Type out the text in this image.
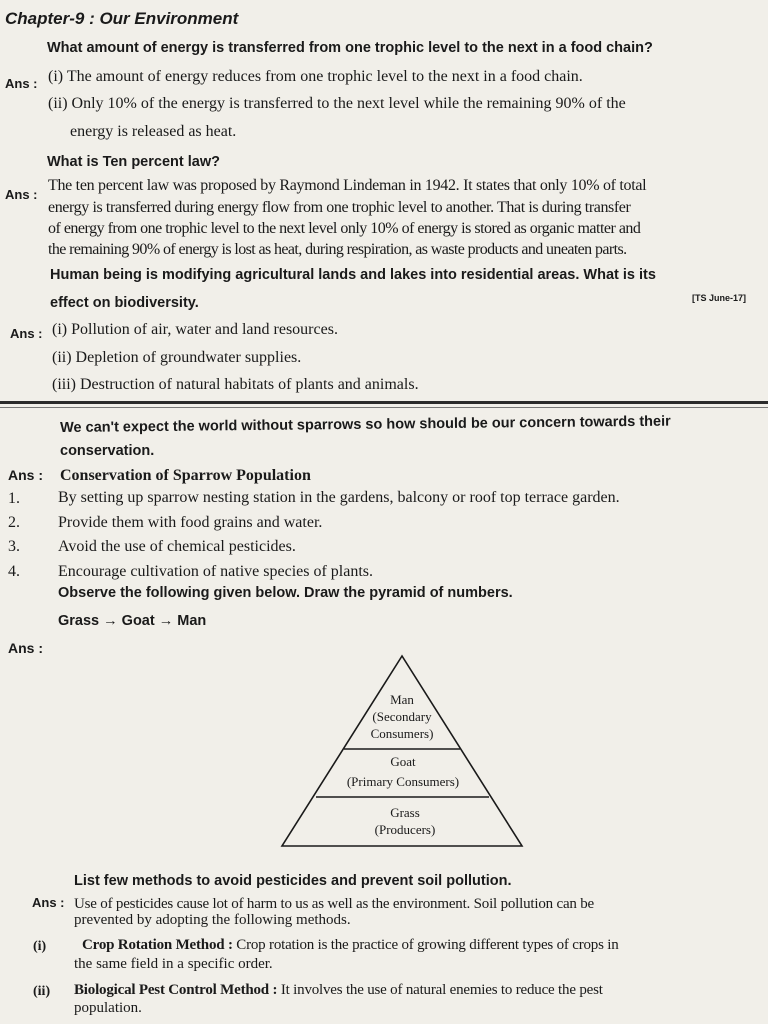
Chapter-9 : Our Environment
What amount of energy is transferred from one trophic level to the next in a food chain?
Ans : (i) The amount of energy reduces from one trophic level to the next in a food chain.
(ii) Only 10% of the energy is transferred to the next level while the remaining 90% of the
energy is released as heat.
What is Ten percent law?
Ans :
The ten percent law was proposed by Raymond Lindeman in 1942. It states that only 10% of total
energy is transferred during energy flow from one trophic level to another. That is during transfer
of energy from one trophic level to the next level only 10% of energy is stored as organic matter and
the remaining 90% of energy is lost as heat, during respiration, as waste products and uneaten parts.
Human being is modifying agricultural lands and lakes into residential areas. What is its
effect on biodiversity.	[TS June-17]
Ans : (i) Pollution of air, water and land resources.
(ii) Depletion of groundwater supplies.
(iii) Destruction of natural habitats of plants and animals.
We can't expect the world without sparrows so how should be our concern towards their
conservation.
Ans : Conservation of Sparrow Population
1. By setting up sparrow nesting station in the gardens, balcony or roof top terrace garden.
2. Provide them with food grains and water.
3. Avoid the use of chemical pesticides.
4. Encourage cultivation of native species of plants.
Observe the following given below. Draw the pyramid of numbers.
Grass → Goat → Man
Ans :
Man
(Secondary
Consumers)
Goat
(Primary Consumers)
Grass
(Producers)
List few methods to avoid pesticides and prevent soil pollution.
Ans : Use of pesticides cause lot of harm to us as well as the environment. Soil pollution can be
prevented by adopting the following methods.
(i) Crop Rotation Method : Crop rotation is the practice of growing different types of crops in
the same field in a specific order.
(ii) Biological Pest Control Method : It involves the use of natural enemies to reduce the pest
population.
